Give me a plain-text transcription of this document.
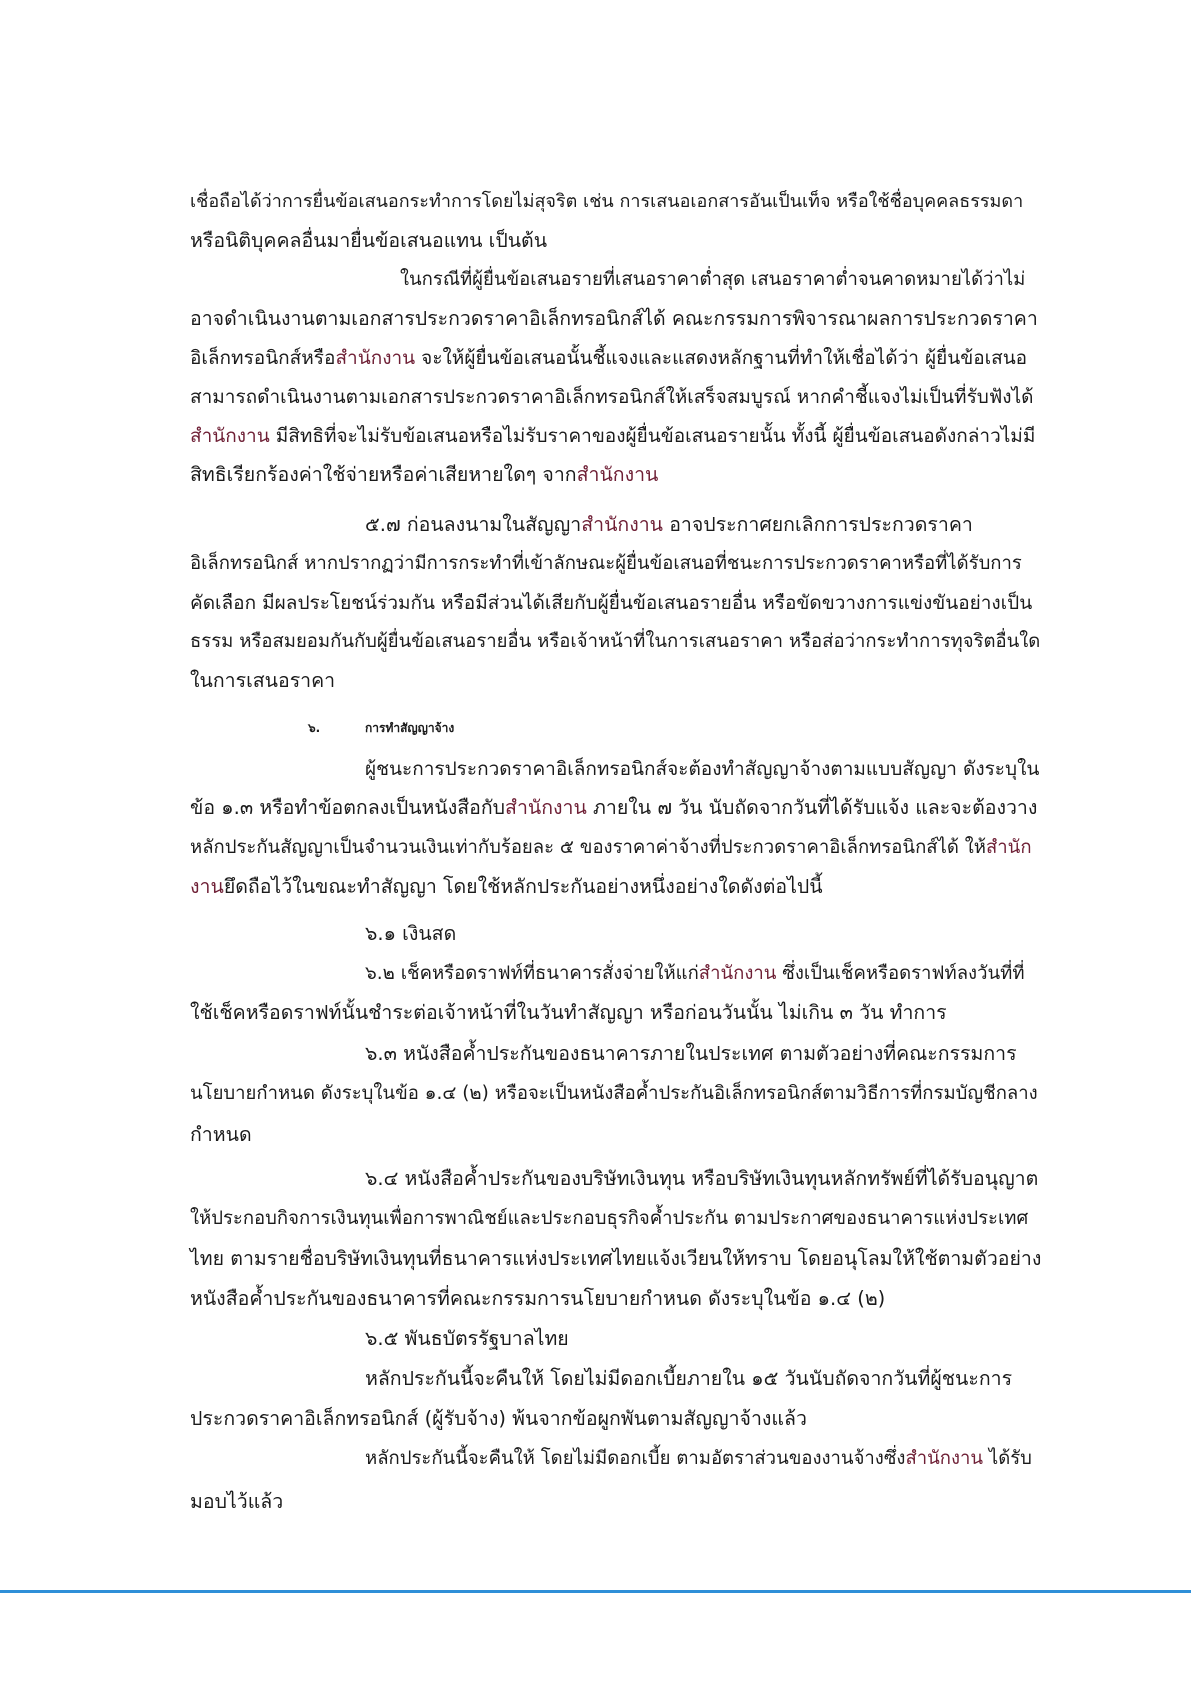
เชื่อถือได้ว่าการยื่นข้อเสนอกระทำการโดยไม่สุจริต เช่น การเสนอเอกสารอันเป็นเท็จ หรือใช้ชื่อบุคคลธรรมดา
หรือนิติบุคคลอื่นมายื่นข้อเสนอแทน เป็นต้น
ในกรณีที่ผู้ยื่นข้อเสนอรายที่เสนอราคาต่ำสุด เสนอราคาต่ำจนคาดหมายได้ว่าไม่
อาจดำเนินงานตามเอกสารประกวดราคาอิเล็กทรอนิกส์ได้ คณะกรรมการพิจารณาผลการประกวดราคา
อิเล็กทรอนิกส์หรือสำนักงาน จะให้ผู้ยื่นข้อเสนอนั้นชี้แจงและแสดงหลักฐานที่ทำให้เชื่อได้ว่า ผู้ยื่นข้อเสนอ
สามารถดำเนินงานตามเอกสารประกวดราคาอิเล็กทรอนิกส์ให้เสร็จสมบูรณ์ หากคำชี้แจงไม่เป็นที่รับฟังได้
สำนักงาน มีสิทธิที่จะไม่รับข้อเสนอหรือไม่รับราคาของผู้ยื่นข้อเสนอรายนั้น ทั้งนี้ ผู้ยื่นข้อเสนอดังกล่าวไม่มี
สิทธิเรียกร้องค่าใช้จ่ายหรือค่าเสียหายใดๆ จากสำนักงาน
๕.๗ ก่อนลงนามในสัญญาสำนักงาน อาจประกาศยกเลิกการประกวดราคา
อิเล็กทรอนิกส์ หากปรากฏว่ามีการกระทำที่เข้าลักษณะผู้ยื่นข้อเสนอที่ชนะการประกวดราคาหรือที่ได้รับการ
คัดเลือก มีผลประโยชน์ร่วมกัน หรือมีส่วนได้เสียกับผู้ยื่นข้อเสนอรายอื่น หรือขัดขวางการแข่งขันอย่างเป็น
ธรรม หรือสมยอมกันกับผู้ยื่นข้อเสนอรายอื่น หรือเจ้าหน้าที่ในการเสนอราคา หรือส่อว่ากระทำการทุจริตอื่นใด
ในการเสนอราคา
๖.	การทำสัญญาจ้าง
ผู้ชนะการประกวดราคาอิเล็กทรอนิกส์จะต้องทำสัญญาจ้างตามแบบสัญญา ดังระบุใน
ข้อ ๑.๓ หรือทำข้อตกลงเป็นหนังสือกับสำนักงาน ภายใน ๗ วัน นับถัดจากวันที่ได้รับแจ้ง และจะต้องวาง
หลักประกันสัญญาเป็นจำนวนเงินเท่ากับร้อยละ ๕ ของราคาค่าจ้างที่ประกวดราคาอิเล็กทรอนิกส์ได้ ให้สำนัก
งานยึดถือไว้ในขณะทำสัญญา โดยใช้หลักประกันอย่างหนึ่งอย่างใดดังต่อไปนี้
๖.๑ เงินสด
๖.๒ เช็คหรือดราฟท์ที่ธนาคารสั่งจ่ายให้แก่สำนักงาน ซึ่งเป็นเช็คหรือดราฟท์ลงวันที่ที่
ใช้เช็คหรือดราฟท์นั้นชำระต่อเจ้าหน้าที่ในวันทำสัญญา หรือก่อนวันนั้น ไม่เกิน ๓ วัน ทำการ
๖.๓ หนังสือค้ำประกันของธนาคารภายในประเทศ ตามตัวอย่างที่คณะกรรมการ
นโยบายกำหนด ดังระบุในข้อ ๑.๔ (๒) หรือจะเป็นหนังสือค้ำประกันอิเล็กทรอนิกส์ตามวิธีการที่กรมบัญชีกลาง
กำหนด
๖.๔ หนังสือค้ำประกันของบริษัทเงินทุน หรือบริษัทเงินทุนหลักทรัพย์ที่ได้รับอนุญาต
ให้ประกอบกิจการเงินทุนเพื่อการพาณิชย์และประกอบธุรกิจค้ำประกัน ตามประกาศของธนาคารแห่งประเทศ
ไทย ตามรายชื่อบริษัทเงินทุนที่ธนาคารแห่งประเทศไทยแจ้งเวียนให้ทราบ โดยอนุโลมให้ใช้ตามตัวอย่าง
หนังสือค้ำประกันของธนาคารที่คณะกรรมการนโยบายกำหนด ดังระบุในข้อ ๑.๔ (๒)
๖.๕ พันธบัตรรัฐบาลไทย
หลักประกันนี้จะคืนให้ โดยไม่มีดอกเบี้ยภายใน ๑๕ วันนับถัดจากวันที่ผู้ชนะการ
ประกวดราคาอิเล็กทรอนิกส์ (ผู้รับจ้าง) พ้นจากข้อผูกพันตามสัญญาจ้างแล้ว
หลักประกันนี้จะคืนให้ โดยไม่มีดอกเบี้ย ตามอัตราส่วนของงานจ้างซึ่งสำนักงาน ได้รับ
มอบไว้แล้ว
